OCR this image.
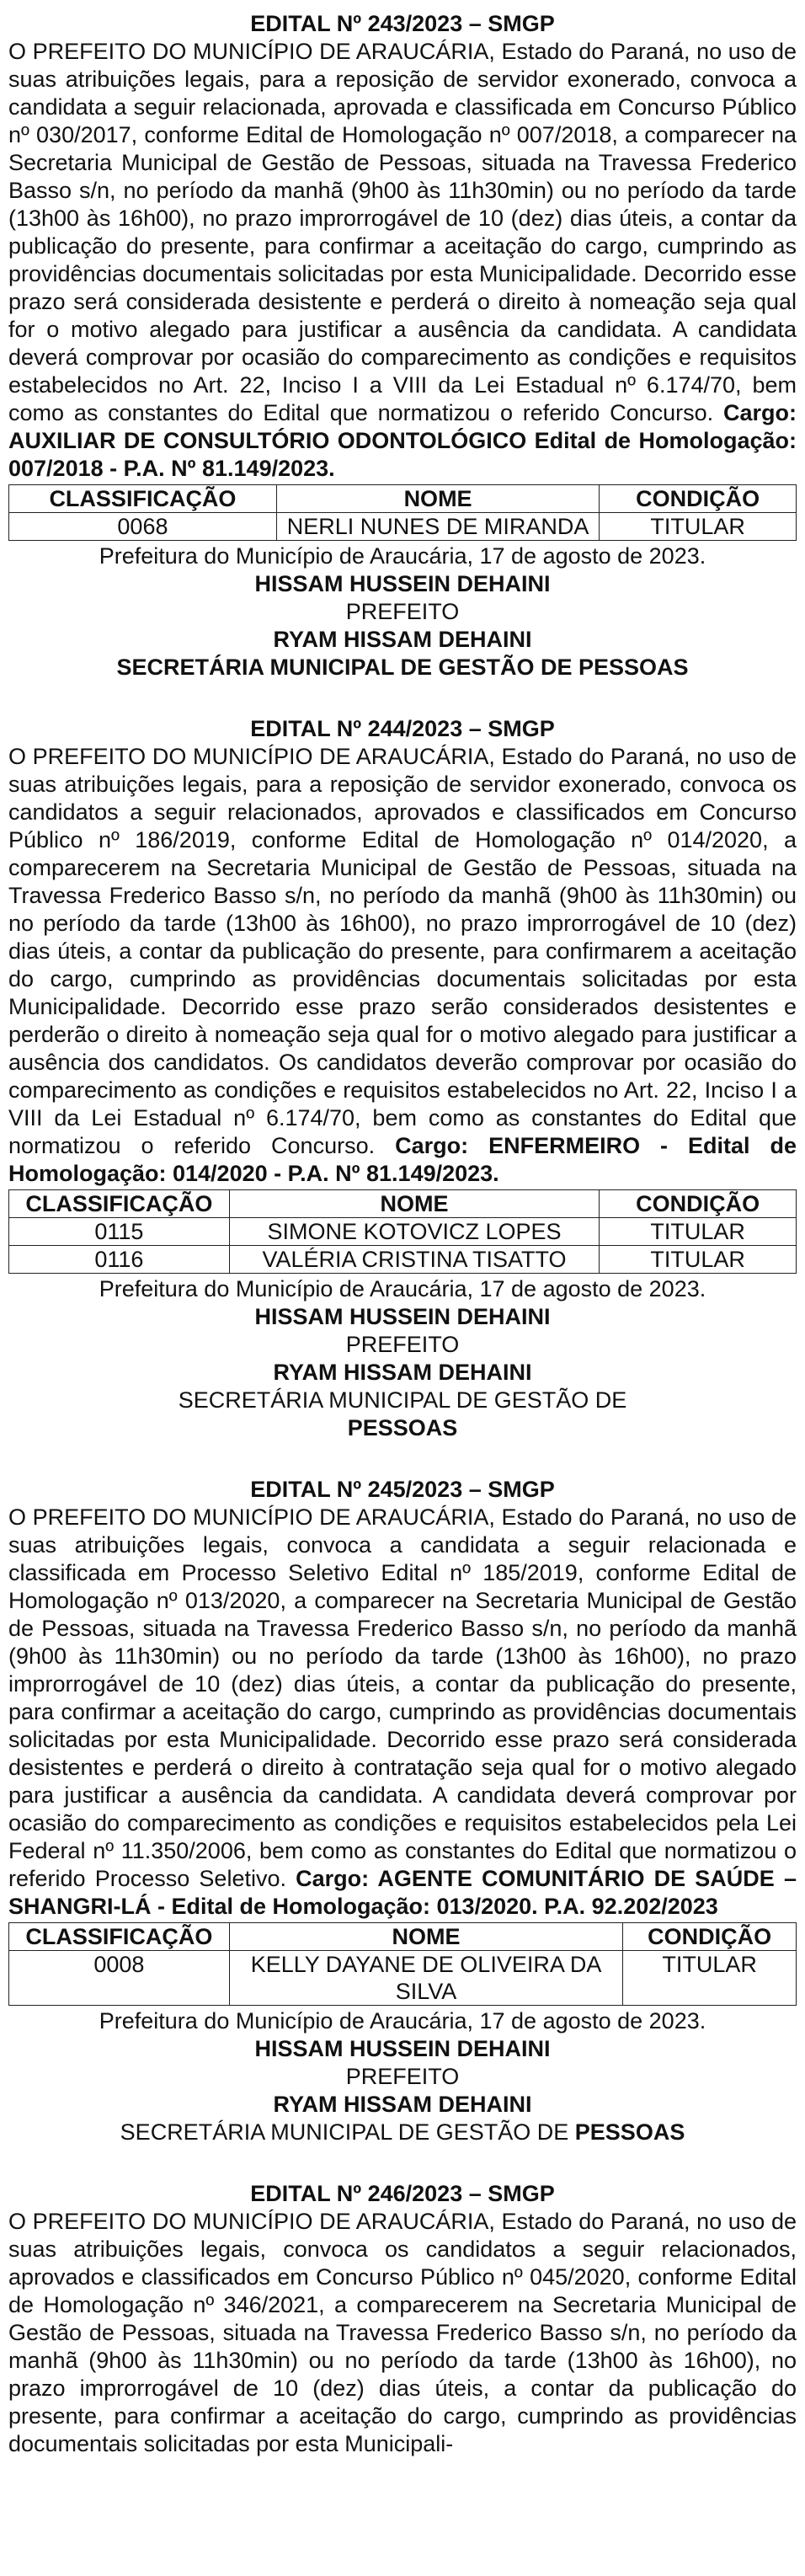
EDITAL Nº 243/2023 – SMGP

O PREFEITO DO MUNICÍPIO DE ARAUCÁRIA, Estado do Paraná, no uso de suas atribuições legais, para a reposição de servidor exonerado, convoca a candidata a seguir relacionada, aprovada e classificada em Concurso Público nº 030/2017, conforme Edital de Homologação nº 007/2018, a comparecer na Secretaria Municipal de Gestão de Pessoas, situada na Travessa Frederico Basso s/n, no período da manhã (9h00 às 11h30min) ou no período da tarde (13h00 às 16h00), no prazo improrrogável de 10 (dez) dias úteis, a contar da publicação do presente, para confirmar a aceitação do cargo, cumprindo as providências documentais solicitadas por esta Municipalidade. Decorrido esse prazo será considerada desistente e perderá o direito à nomeação seja qual for o motivo alegado para justificar a ausência da candidata. A candidata deverá comprovar por ocasião do comparecimento as condições e requisitos estabelecidos no Art. 22, Inciso I a VIII da Lei Estadual nº 6.174/70, bem como as constantes do Edital que normatizou o referido Concurso. Cargo: AUXILIAR DE CONSULTÓRIO ODONTOLÓGICO Edital de Homologação: 007/2018 - P.A. Nº 81.149/2023.

CLASSIFICAÇÃO	NOME	CONDIÇÃO
0068	NERLI NUNES DE MIRANDA	TITULAR

Prefeitura do Município de Araucária, 17 de agosto de 2023.

HISSAM HUSSEIN DEHAINI

PREFEITO

RYAM HISSAM DEHAINI

SECRETÁRIA MUNICIPAL DE GESTÃO DE PESSOAS

EDITAL Nº 244/2023 – SMGP

O PREFEITO DO MUNICÍPIO DE ARAUCÁRIA, Estado do Paraná, no uso de suas atribuições legais, para a reposição de servidor exonerado, convoca os candidatos a seguir relacionados, aprovados e classificados em Concurso Público nº 186/2019, conforme Edital de Homologação nº 014/2020, a comparecerem na Secretaria Municipal de Gestão de Pessoas, situada na Travessa Frederico Basso s/n, no período da manhã (9h00 às 11h30min) ou no período da tarde (13h00 às 16h00), no prazo improrrogável de 10 (dez) dias úteis, a contar da publicação do presente, para confirmarem a aceitação do cargo, cumprindo as providências documentais solicitadas por esta Municipalidade. Decorrido esse prazo serão considerados desistentes e perderão o direito à nomeação seja qual for o motivo alegado para justificar a ausência dos candidatos. Os candidatos deverão comprovar por ocasião do comparecimento as condições e requisitos estabelecidos no Art. 22, Inciso I a VIII da Lei Estadual nº 6.174/70, bem como as constantes do Edital que normatizou o referido Concurso. Cargo: ENFERMEIRO - Edital de Homologação: 014/2020 - P.A. Nº 81.149/2023.

CLASSIFICAÇÃO	NOME	CONDIÇÃO
0115	SIMONE KOTOVICZ LOPES	TITULAR
0116	VALÉRIA CRISTINA TISATTO	TITULAR

Prefeitura do Município de Araucária, 17 de agosto de 2023.

HISSAM HUSSEIN DEHAINI

PREFEITO

RYAM HISSAM DEHAINI

SECRETÁRIA MUNICIPAL DE GESTÃO DE

PESSOAS

EDITAL Nº 245/2023 – SMGP

O PREFEITO DO MUNICÍPIO DE ARAUCÁRIA, Estado do Paraná, no uso de suas atribuições legais, convoca a candidata a seguir relacionada e classificada em Processo Seletivo Edital nº 185/2019, conforme Edital de Homologação nº 013/2020, a comparecer na Secretaria Municipal de Gestão de Pessoas, situada na Travessa Frederico Basso s/n, no período da manhã (9h00 às 11h30min) ou no período da tarde (13h00 às 16h00), no prazo improrrogável de 10 (dez) dias úteis, a contar da publicação do presente, para confirmar a aceitação do cargo, cumprindo as providências documentais solicitadas por esta Municipalidade. Decorrido esse prazo será considerada desistentes e perderá o direito à contratação seja qual for o motivo alegado para justificar a ausência da candidata. A candidata deverá comprovar por ocasião do comparecimento as condições e requisitos estabelecidos pela Lei Federal nº 11.350/2006, bem como as constantes do Edital que normatizou o referido Processo Seletivo. Cargo: AGENTE COMUNITÁRIO DE SAÚDE – SHANGRI-LÁ - Edital de Homologação: 013/2020. P.A. 92.202/2023

CLASSIFICAÇÃO	NOME	CONDIÇÃO
0008	KELLY DAYANE DE OLIVEIRA DA SILVA	TITULAR

Prefeitura do Município de Araucária, 17 de agosto de 2023.

HISSAM HUSSEIN DEHAINI

PREFEITO

RYAM HISSAM DEHAINI

SECRETÁRIA MUNICIPAL DE GESTÃO DE PESSOAS

EDITAL Nº 246/2023 – SMGP

O PREFEITO DO MUNICÍPIO DE ARAUCÁRIA, Estado do Paraná, no uso de suas atribuições legais, convoca os candidatos a seguir relacionados, aprovados e classificados em Concurso Público nº 045/2020, conforme Edital de Homologação nº 346/2021, a comparecerem na Secretaria Municipal de Gestão de Pessoas, situada na Travessa Frederico Basso s/n, no período da manhã (9h00 às 11h30min) ou no período da tarde (13h00 às 16h00), no prazo improrrogável de 10 (dez) dias úteis, a contar da publicação do presente, para confirmar a aceitação do cargo, cumprindo as providências documentais solicitadas por esta Municipali-
